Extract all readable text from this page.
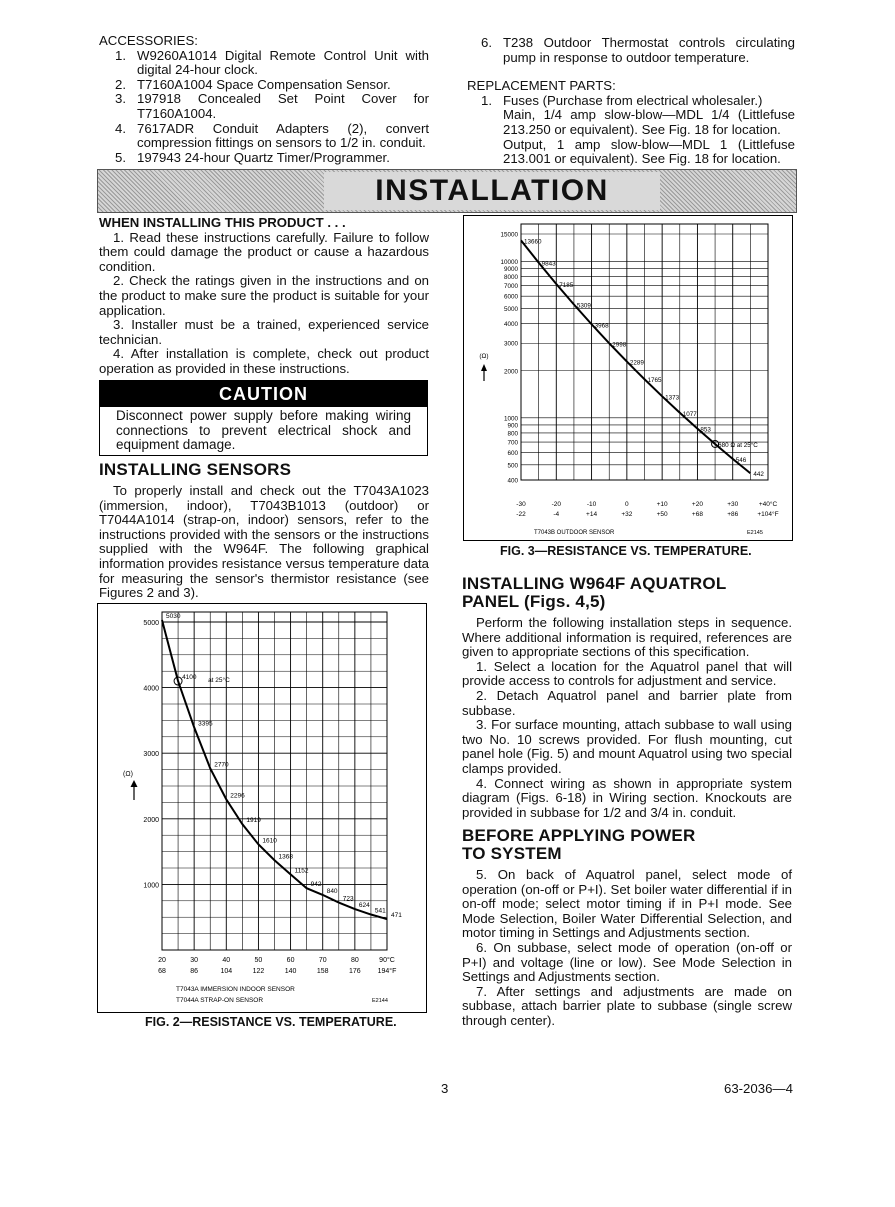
ACCESSORIES:
1. W9260A1014 Digital Remote Control Unit with digital 24-hour clock.
2. T7160A1004 Space Compensation Sensor.
3. 197918 Concealed Set Point Cover for T7160A1004.
4. 7617ADR Conduit Adapters (2), convert compression fittings on sensors to 1/2 in. conduit.
5. 197943 24-hour Quartz Timer/Programmer.
6. T238 Outdoor Thermostat controls circulating pump in response to outdoor temperature.
REPLACEMENT PARTS:
1. Fuses (Purchase from electrical wholesaler.)
Main, 1/4 amp slow-blow—MDL 1/4 (Littlefuse 213.250 or equivalent). See Fig. 18 for location.
Output, 1 amp slow-blow—MDL 1 (Littlefuse 213.001 or equivalent). See Fig. 18 for location.
INSTALLATION
WHEN INSTALLING THIS PRODUCT . . .
1. Read these instructions carefully. Failure to follow them could damage the product or cause a hazardous condition.
2. Check the ratings given in the instructions and on the product to make sure the product is suitable for your application.
3. Installer must be a trained, experienced service technician.
4. After installation is complete, check out product operation as provided in these instructions.
CAUTION
Disconnect power supply before making wiring connections to prevent electrical shock and equipment damage.
INSTALLING SENSORS
To properly install and check out the T7043A1023 (immersion, indoor), T7043B1013 (outdoor) or T7044A1014 (strap-on, indoor) sensors, refer to the instructions provided with the sensors or the instructions supplied with the W964F. The following graphical information provides resistance versus temperature data for measuring the sensor's thermistor resistance (see Figures 2 and 3).
1000
2000
3000
4000
5000
(Ω)
20
68
30
86
40
104
50
122
60
140
70
158
80
176
90°C
194°F
5030
4100
3395
2770
2296
1919
1610
1368
1152
942
840
723
624
541
471
at 25°C
T7043A IMMERSION INDOOR SENSOR
T7044A STRAP-ON SENSOR	E2144
FIG. 2—RESISTANCE VS. TEMPERATURE.
400
500
600
700
800
900
1000
2000
3000
4000
5000
6000
7000
8000
9000
10000
15000
(Ω)
-30
-22
-20
-4
-10
+14
0
+32
+10
+50
+20
+68
+30
+86
+40°C
+104°F
13660
9843
7185
5309
3968
2998
2289
1765
1373
1077
853
680 Ω at 25°C
546
442
T7043B OUTDOOR SENSOR	E2145
FIG. 3—RESISTANCE VS. TEMPERATURE.
INSTALLING W964F AQUATROL
PANEL (Figs. 4,5)
Perform the following installation steps in sequence. Where additional information is required, references are given to appropriate sections of this specification.
1. Select a location for the Aquatrol panel that will provide access to controls for adjustment and service.
2. Detach Aquatrol panel and barrier plate from subbase.
3. For surface mounting, attach subbase to wall using two No. 10 screws provided. For flush mounting, cut panel hole (Fig. 5) and mount Aquatrol using two special clamps provided.
4. Connect wiring as shown in appropriate system diagram (Figs. 6-18) in Wiring section. Knockouts are provided in subbase for 1/2 and 3/4 in. conduit.
BEFORE APPLYING POWER
TO SYSTEM
5. On back of Aquatrol panel, select mode of operation (on-off or P+I). Set boiler water differential if in on-off mode; select motor timing if in P+I mode. See Mode Selection, Boiler Water Differential Selection, and motor timing in Settings and Adjustments section.
6. On subbase, select mode of operation (on-off or P+I) and voltage (line or low). See Mode Selection in Settings and Adjustments section.
7. After settings and adjustments are made on subbase, attach barrier plate to subbase (single screw through center).
3	63-2036—4
